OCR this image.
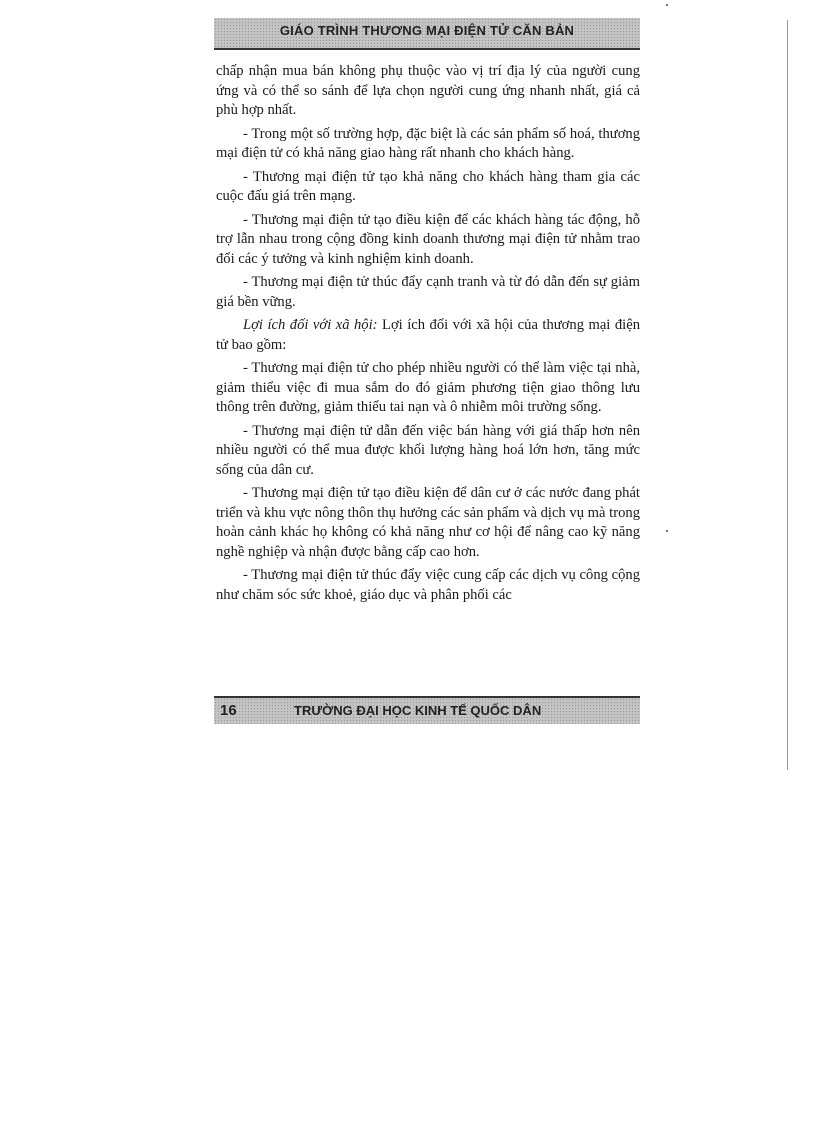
GIÁO TRÌNH THƯƠNG MẠI ĐIỆN TỬ CĂN BẢN

chấp nhận mua bán không phụ thuộc vào vị trí địa lý của người cung ứng và có thể so sánh để lựa chọn người cung ứng nhanh nhất, giá cả phù hợp nhất.

- Trong một số trường hợp, đặc biệt là các sản phẩm số hoá, thương mại điện tử có khả năng giao hàng rất nhanh cho khách hàng.

- Thương mại điện tử tạo khả năng cho khách hàng tham gia các cuộc đấu giá trên mạng.

- Thương mại điện tử tạo điều kiện để các khách hàng tác động, hỗ trợ lẫn nhau trong cộng đồng kinh doanh thương mại điện tử nhằm trao đổi các ý tưởng và kinh nghiệm kinh doanh.

- Thương mại điện tử thúc đẩy cạnh tranh và từ đó dẫn đến sự giảm giá bền vững.

Lợi ích đối với xã hội: Lợi ích đối với xã hội của thương mại điện tử bao gồm:

- Thương mại điện tử cho phép nhiều người có thể làm việc tại nhà, giảm thiểu việc đi mua sắm do đó giảm phương tiện giao thông lưu thông trên đường, giảm thiểu tai nạn và ô nhiễm môi trường sống.

- Thương mại điện tử dẫn đến việc bán hàng với giá thấp hơn nên nhiều người có thể mua được khối lượng hàng hoá lớn hơn, tăng mức sống của dân cư.

- Thương mại điện tử tạo điều kiện để dân cư ở các nước đang phát triển và khu vực nông thôn thụ hưởng các sản phẩm và dịch vụ mà trong hoàn cảnh khác họ không có khả năng như cơ hội để nâng cao kỹ năng nghề nghiệp và nhận được bằng cấp cao hơn.

- Thương mại điện tử thúc đẩy việc cung cấp các dịch vụ công cộng như chăm sóc sức khoẻ, giáo dục và phân phối các

16	TRƯỜNG ĐẠI HỌC KINH TẾ QUỐC DÂN
